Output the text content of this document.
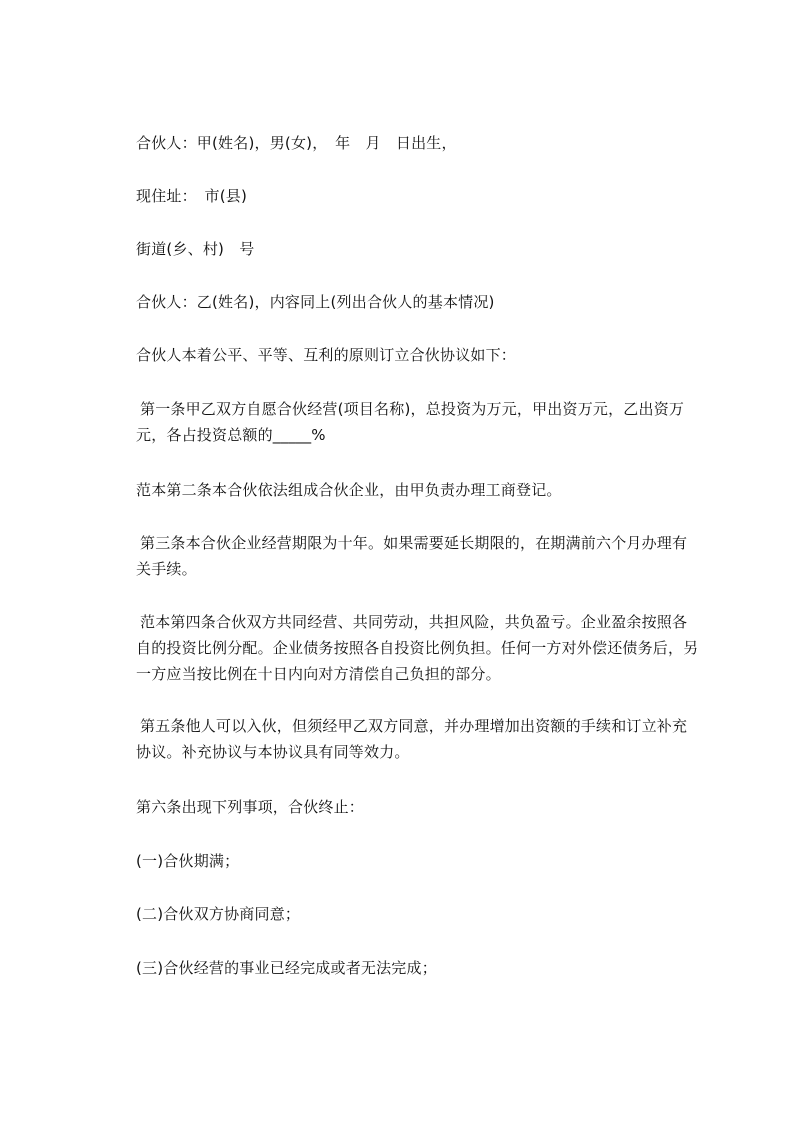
合伙人：甲(姓名)，男(女)，　年　月　日出生，

现住址：　市(县)

街道(乡、村)　号

合伙人：乙(姓名)，内容同上(列出合伙人的基本情况)

合伙人本着公平、平等、互利的原则订立合伙协议如下：

第一条甲乙双方自愿合伙经营(项目名称)，总投资为万元，甲出资万元，乙出资万元，各占投资总额的_____%

范本第二条本合伙依法组成合伙企业，由甲负责办理工商登记。

第三条本合伙企业经营期限为十年。如果需要延长期限的，在期满前六个月办理有关手续。

范本第四条合伙双方共同经营、共同劳动，共担风险，共负盈亏。企业盈余按照各自的投资比例分配。企业债务按照各自投资比例负担。任何一方对外偿还债务后，另一方应当按比例在十日内向对方清偿自己负担的部分。

第五条他人可以入伙，但须经甲乙双方同意，并办理增加出资额的手续和订立补充协议。补充协议与本协议具有同等效力。

第六条出现下列事项，合伙终止：

(一)合伙期满；

(二)合伙双方协商同意；

(三)合伙经营的事业已经完成或者无法完成；
